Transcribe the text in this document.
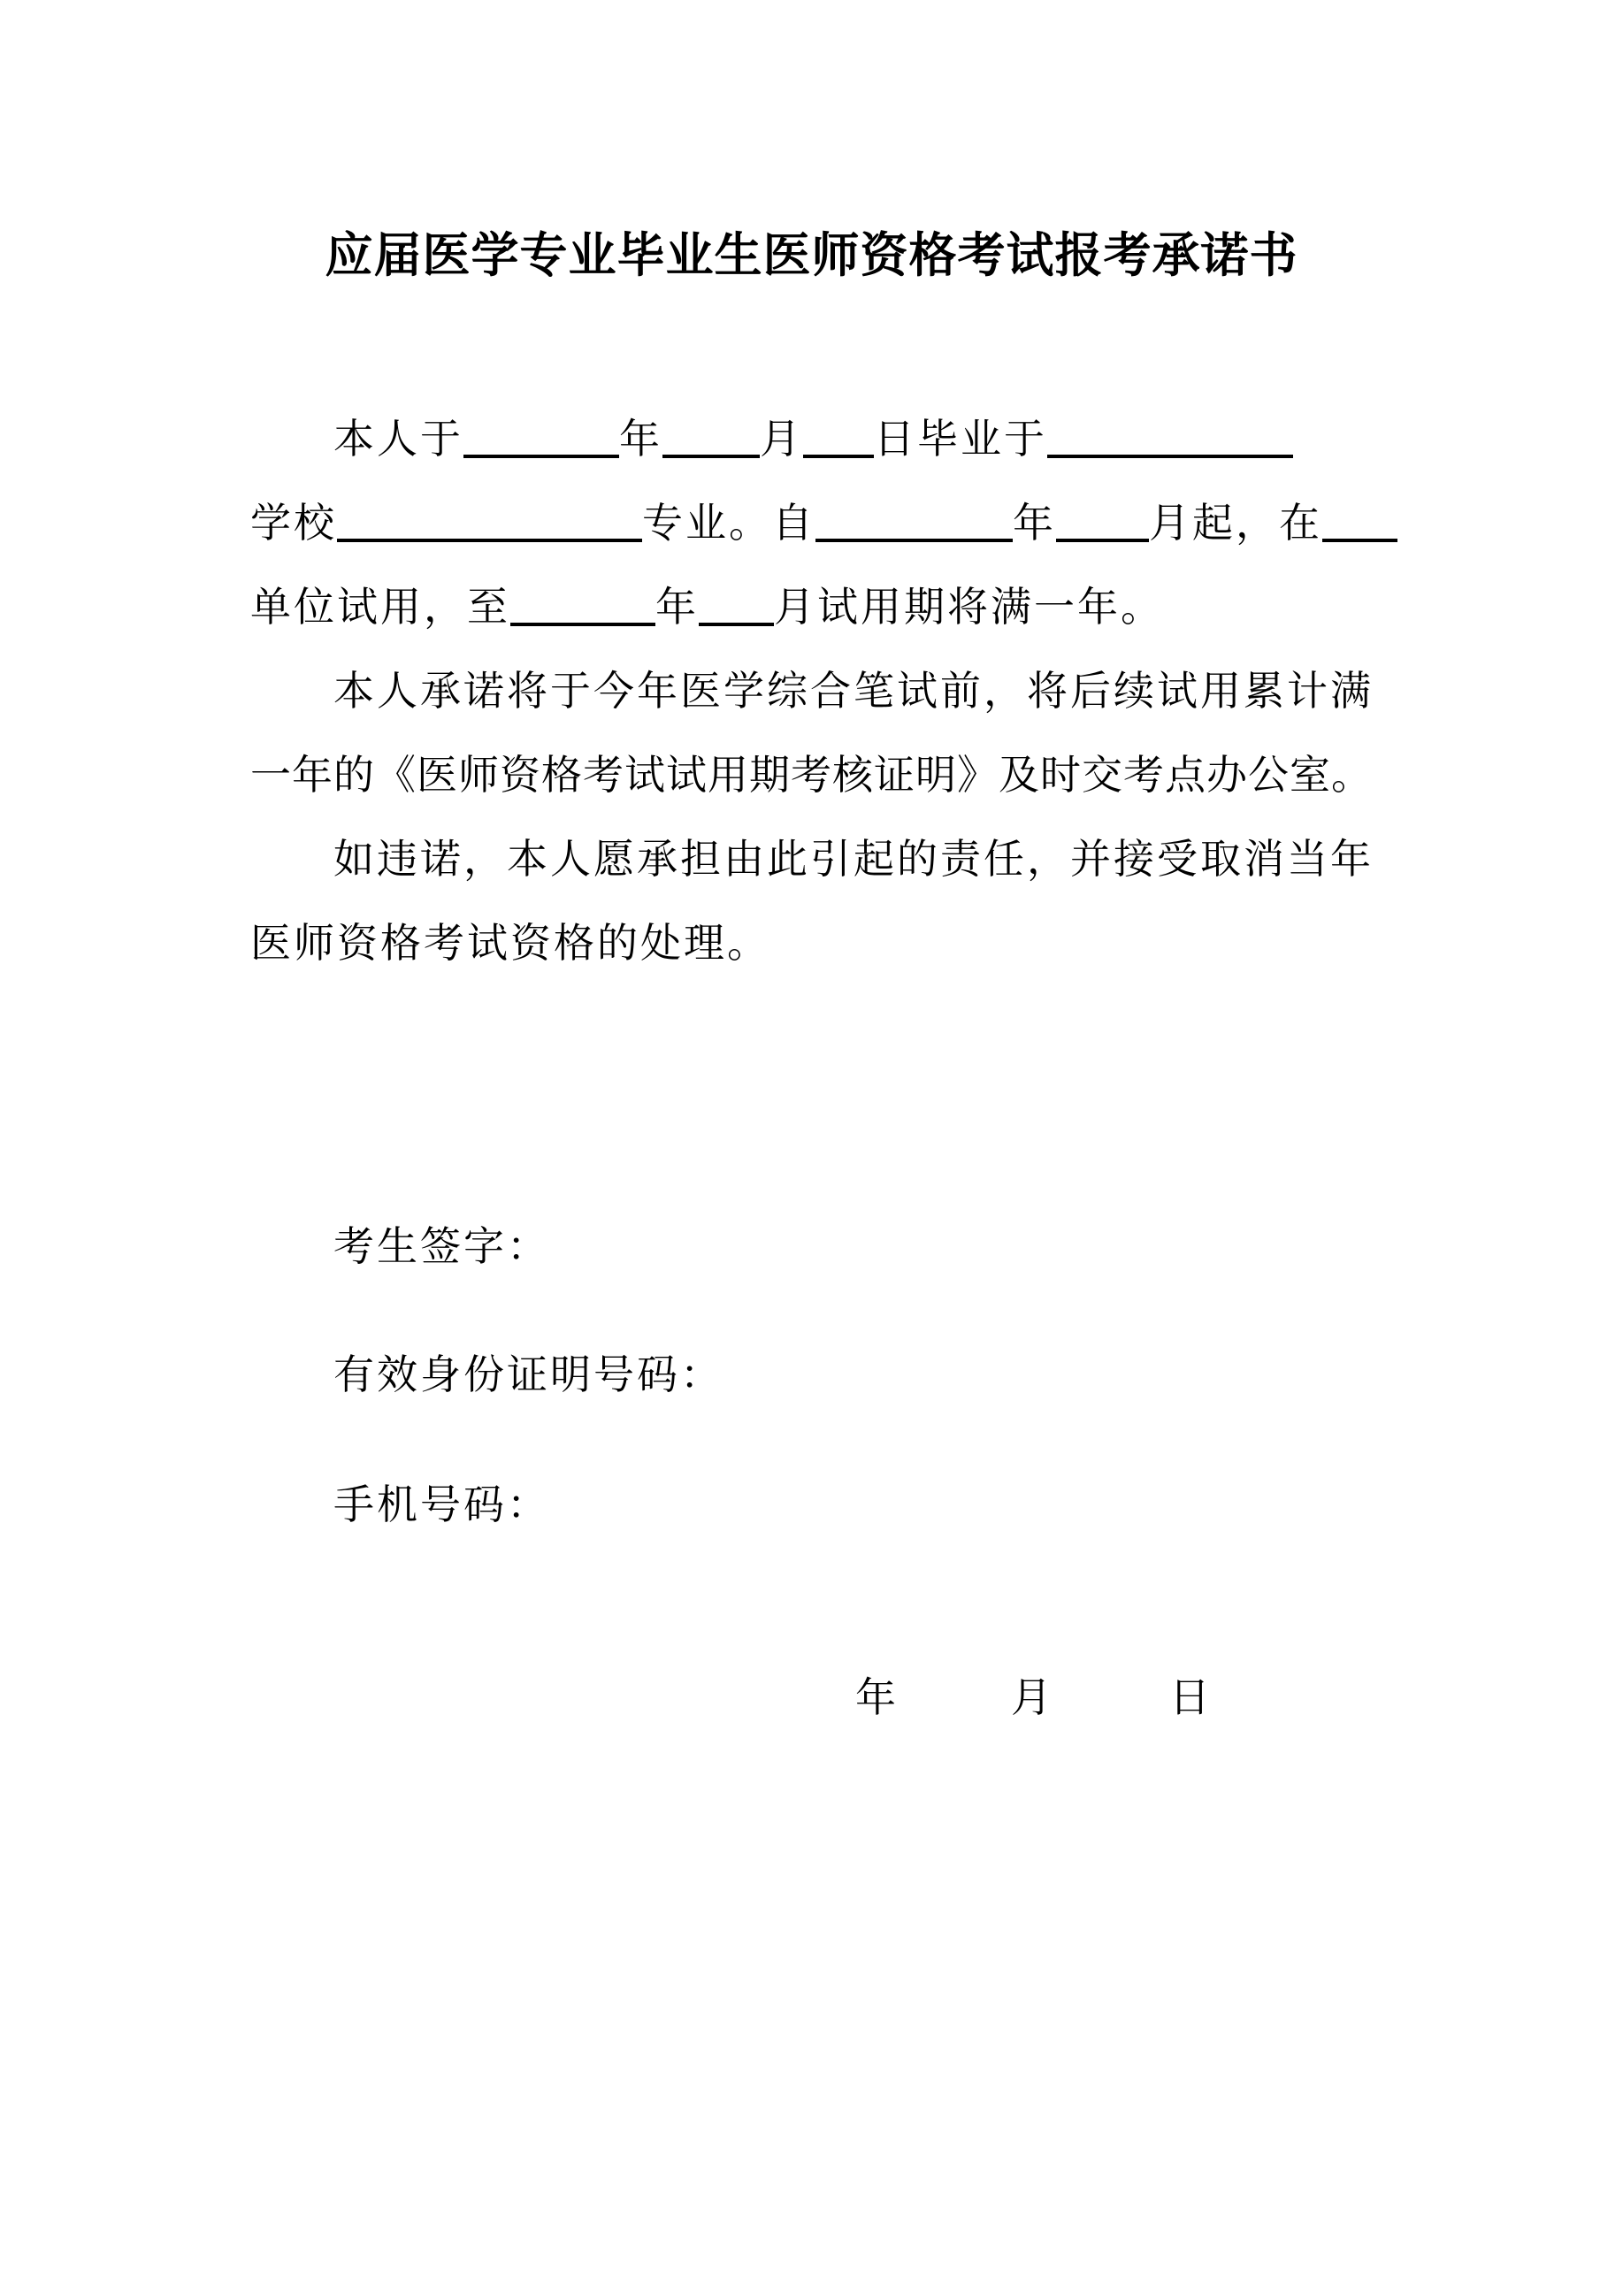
应届医学专业毕业生医师资格考试报考承诺书
本人于	年 月 日毕业于
学校	专业。自	年 月起，在
单位试用，至	年 月试用期将满一年。
本人承诺将于今年医学综合笔试前，将后续试用累计满
一年的《医师资格考试试用期考核证明》及时交考点办公室。
如违诺，本人愿承担由此引起的责任，并接受取消当年
医师资格考试资格的处理。
考生签字：
有效身份证明号码：
手机号码：
年	月	日
